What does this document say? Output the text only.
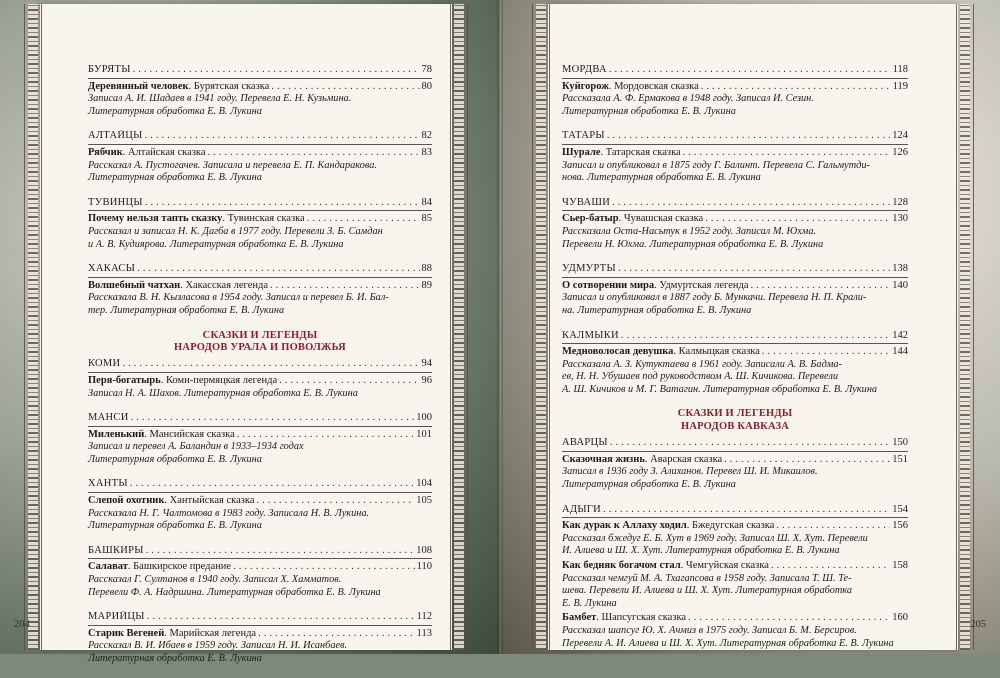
БУРЯТЫ .....	78
Деревянный человек. Бурятская сказка .....	80
Записал А. И. Шадаев в 1941 году. Перевела Е. Н. Кузьмина.
Литературная обработка Е. В. Лукина
АЛТАЙЦЫ .....	82
Рябчик. Алтайская сказка .....	83
Рассказал А. Пустогачев. Записала и перевела Е. П. Кандаракова.
Литературная обработка Е. В. Лукина
ТУВИНЦЫ .....	84
Почему нельзя тапть сказку. Тувинская сказка .....	85
Рассказал и записал Н. К. Дагба в 1977 году. Перевели З. Б. Самдан
и А. В. Кудиярова. Литературная обработка Е. В. Лукина
ХАКАСЫ .....	88
Волшебный чатхан. Хакасская легенда .....	89
Рассказала В. Н. Кызласова в 1954 году. Записал и перевел Б. И. Бал-
тер. Литературная обработка Е. В. Лукина
СКАЗКИ И ЛЕГЕНДЫ
НАРОДОВ УРАЛА И ПОВОЛЖЬЯ
КОМИ .....	94
Перя-богатырь. Коми-пермяцкая легенда .....	96
Записал Н. А. Шахов. Литературная обработка Е. В. Лукина
МАНСИ .....	100
Миленький. Мансийская сказка .....	101
Записал и перевел А. Баландин в 1933–1934 годах
Литературная обработка Е. В. Лукина
ХАНТЫ .....	104
Слепой охотник. Хантыйская сказка .....	105
Рассказала Н. Г. Чалтомова в 1983 году. Записала Н. В. Лукина.
Литературная обработка Е. В. Лукина
БАШКИРЫ .....	108
Салават. Башкирское предание .....	110
Рассказал Г. Султанов в 1940 году. Записал Х. Хамматов.
Перевели Ф. А. Надршина. Литературная обработка Е. В. Лукина
МАРИЙЦЫ .....	112
Старик Вегеней. Марийская легенда .....	113
Рассказал В. И. Ибаев в 1959 году. Записал Н. И. Исанбаев.
Литературная обработка Е. В. Лукина
204
МОРДВА .....	118
Куйгорож. Мордовская сказка .....	119
Рассказала А. Ф. Ермакова в 1948 году. Записал И. Сезин.
Литературная обработка Е. В. Лукина
ТАТАРЫ .....	124
Шурале. Татарская сказка .....	126
Записал и опубликовал в 1875 году Г. Балинт. Перевела С. Гальмутди-
нова. Литературная обработка Е. В. Лукина
ЧУВАШИ .....	128
Сьер-батыр. Чувашская сказка .....	130
Рассказала Оста-Насьтук в 1952 году. Записал М. Юхма.
Перевели Н. Юхма. Литературная обработка Е. В. Лукина
УДМУРТЫ .....	138
О сотворении мира. Удмуртская легенда .....	140
Записал и опубликовал в 1887 году Б. Мункачи. Перевела Н. П. Крали-
на. Литературная обработка Е. В. Лукина
КАЛМЫКИ .....	142
Медноволосая девушка. Калмыцкая сказка .....	144
Рассказала А. З. Кутуктаева в 1961 году. Записали А. В. Бадма-
ев, Н. Н. Убушаев под руководством А. Ш. Кичикова. Перевели
А. Ш. Кичиков и М. Г. Ватагин. Литературная обработка Е. В. Лукина
СКАЗКИ И ЛЕГЕНДЫ
НАРОДОВ КАВКАЗА
АВАРЦЫ .....	150
Сказочная жизнь. Аварская сказка .....	151
Записал в 1936 году З. Алиханов. Перевел Ш. И. Микаилов.
Литературная обработка Е. В. Лукина
АДЫГИ .....	154
Как дурак к Аллаху ходил. Бжедугская сказка .....	156
Рассказал бжедуг Е. Б. Хут в 1969 году. Записал Ш. Х. Хут. Перевели
И. Алиева и Ш. Х. Хут. Литературная обработка Е. В. Лукина
Как бедняк богачом стал. Чемгуйская сказка .....	158
Рассказал чемгуй М. А. Тхагапсова в 1958 году. Записала Т. Ш. Те-
шева. Перевели И. Алиева и Ш. Х. Хут. Литературная обработка
Е. В. Лукина
Бамбет. Шапсугская сказка .....	160
Рассказал шапсуг Ю. Х. Ачмиз в 1975 году. Записал Б. М. Берсиров.
Перевели А. И. Алиева и Ш. Х. Хут. Литературная обработка Е. В. Лукина
205
